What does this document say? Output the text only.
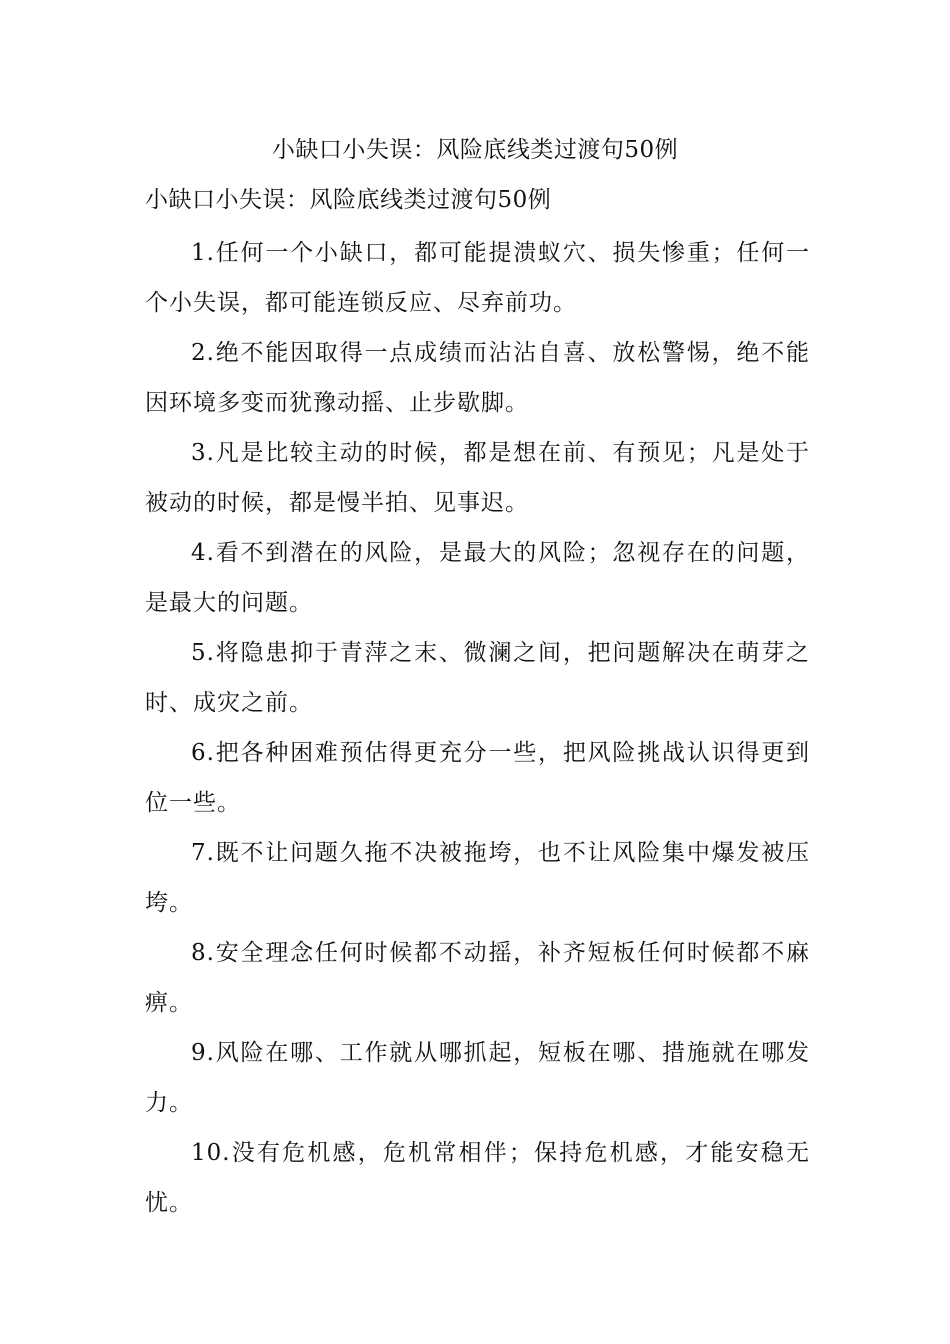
小缺口小失误：风险底线类过渡句50例
小缺口小失误：风险底线类过渡句50例

1.任何一个小缺口，都可能提溃蚁穴、损失惨重；任何一个小失误，都可能连锁反应、尽弃前功。

2.绝不能因取得一点成绩而沾沾自喜、放松警惕，绝不能因环境多变而犹豫动摇、止步歇脚。

3.凡是比较主动的时候，都是想在前、有预见；凡是处于被动的时候，都是慢半拍、见事迟。

4.看不到潜在的风险，是最大的风险；忽视存在的问题，是最大的问题。

5.将隐患抑于青萍之末、微澜之间，把问题解决在萌芽之时、成灾之前。

6.把各种困难预估得更充分一些，把风险挑战认识得更到位一些。

7.既不让问题久拖不决被拖垮，也不让风险集中爆发被压垮。

8.安全理念任何时候都不动摇，补齐短板任何时候都不麻痹。

9.风险在哪、工作就从哪抓起，短板在哪、措施就在哪发力。

10.没有危机感，危机常相伴；保持危机感，才能安稳无忧。
